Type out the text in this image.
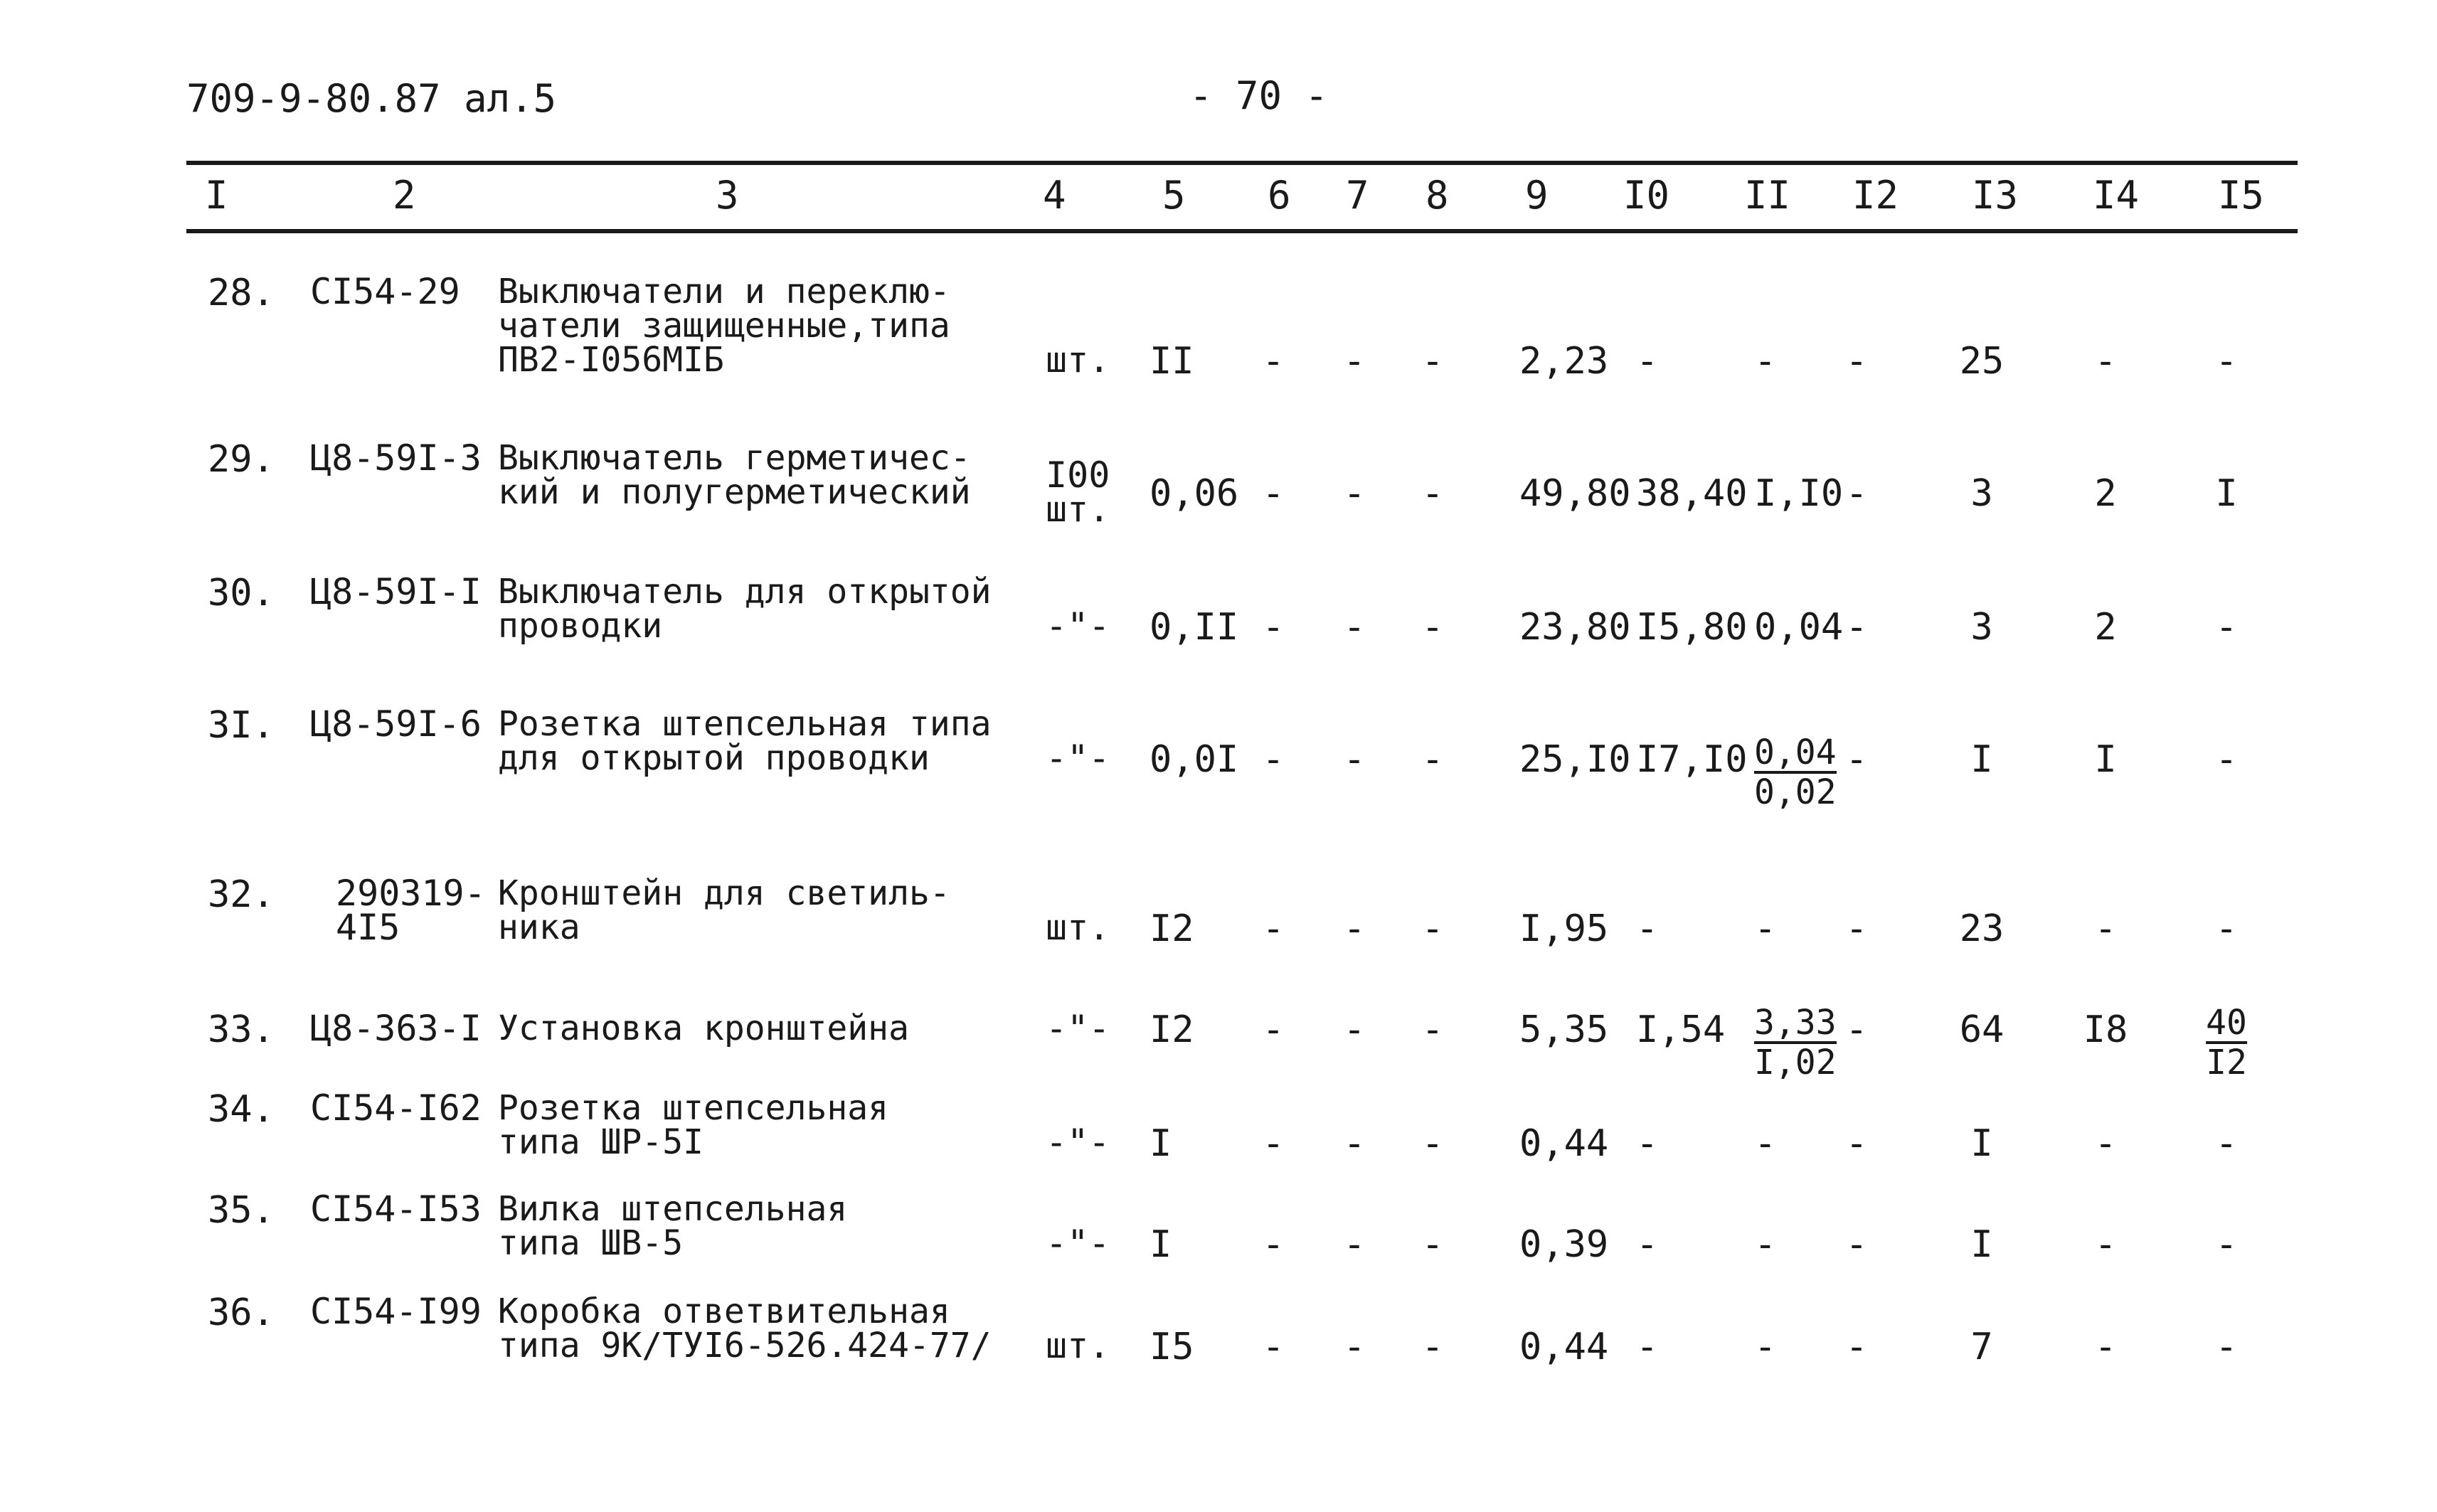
709-9-80.87 ал.5	- 70 -
I	2	3	4	5 6 7 8 9 I0 II I2 I3 I4 I5
28. CI54-29 Выключатели и переклю-
чатели защищенные,типа
ПВ2-I056МIБ	шт. II - - - 2,23 -	- - 25 -	-
29. Ц8-59I-3 Выключатель герметичес-
кий и полугерметический I00
шт. 0,06 - - - 49,80 38,40 I,I0 -	3	2	I
30. Ц8-59I-I Выключатель для открытой
проводки	-"- 0,II - - - 23,80 I5,80 0,04 -	3	2	-
3I. Ц8-59I-6 Розетка штепсельная типа
для открытой проводки	-"- 0,0I - - - 25,I0 $I7,I0 \frac{0,04}{0,02}$ -	I	I	-
32. 290319-
4I5
Кронштейн для светиль-
ника	шт. I2 - - - I,95 -	- - 23 -	-
33. Ц8-363-I Установка кронштейна	-"- I2 - - - 5,35 $I,54 \frac{3,33}{I,02} - 64$ $I8 \frac{40}{I2}$
34. CI54-I62 Розетка штепсельная
типа ШР-5I	-"- I - - - 0,44 -	- -	I	-	-
35. CI54-I53 Вилка штепсельная
типа ШВ-5	-"- I - - - 0,39 -	- -	I	-	-
36. CI54-I99 Коробка ответвительная
типа 9К/ТУI6-526.424-77/ шт. I5 - - - 0,44 -	- -	7	-	-
